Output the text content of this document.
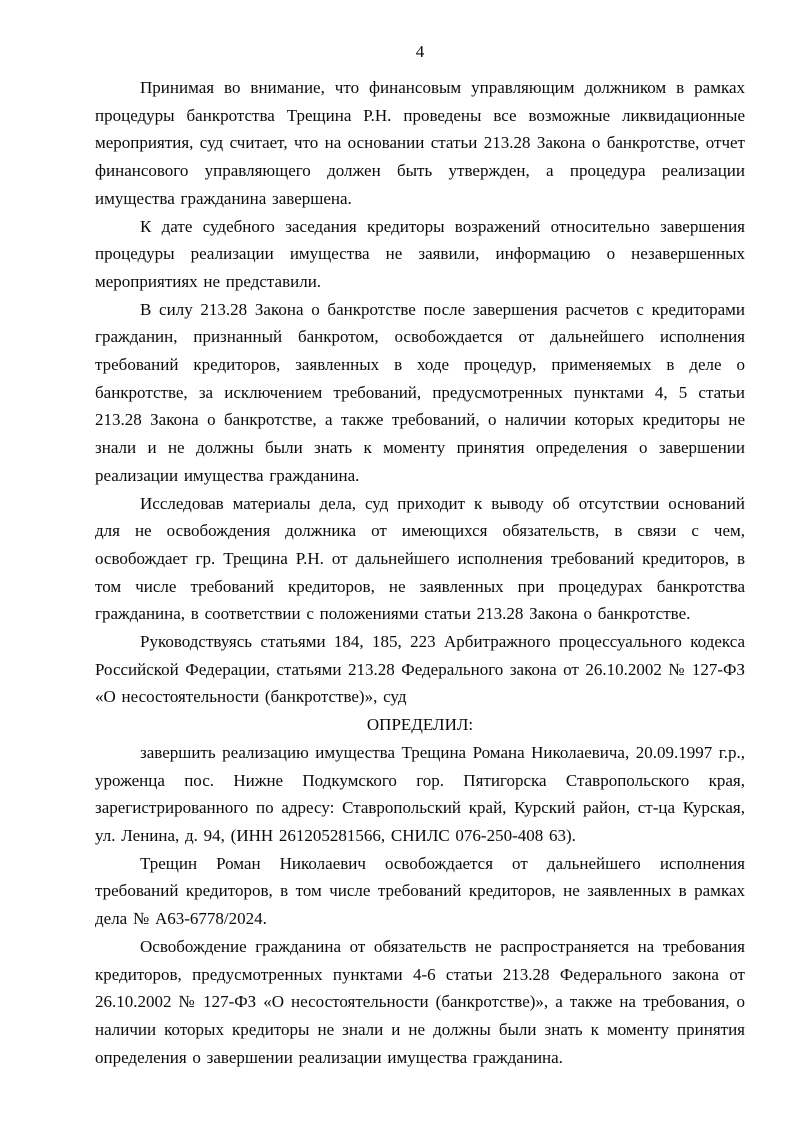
4

Принимая во внимание, что финансовым управляющим должником в рамках процедуры банкротства Трещина Р.Н. проведены все возможные ликвидационные мероприятия, суд считает, что на основании статьи 213.28 Закона о банкротстве, отчет финансового управляющего должен быть утвержден, а процедура реализации имущества гражданина завершена.

К дате судебного заседания кредиторы возражений относительно завершения процедуры реализации имущества не заявили, информацию о незавершенных мероприятиях не представили.

В силу 213.28 Закона о банкротстве после завершения расчетов с кредиторами гражданин, признанный банкротом, освобождается от дальнейшего исполнения требований кредиторов, заявленных в ходе процедур, применяемых в деле о банкротстве, за исключением требований, предусмотренных пунктами 4, 5 статьи 213.28 Закона о банкротстве, а также требований, о наличии которых кредиторы не знали и не должны были знать к моменту принятия определения о завершении реализации имущества гражданина.

Исследовав материалы дела, суд приходит к выводу об отсутствии оснований для не освобождения должника от имеющихся обязательств, в связи с чем, освобождает гр. Трещина Р.Н. от дальнейшего исполнения требований кредиторов, в том числе требований кредиторов, не заявленных при процедурах банкротства гражданина, в соответствии с положениями статьи 213.28 Закона о банкротстве.

Руководствуясь статьями 184, 185, 223 Арбитражного процессуального кодекса Российской Федерации, статьями 213.28 Федерального закона от 26.10.2002 № 127-ФЗ «О несостоятельности (банкротстве)», суд

ОПРЕДЕЛИЛ:

завершить реализацию имущества Трещина Романа Николаевича, 20.09.1997 г.р., уроженца пос. Нижне Подкумского гор. Пятигорска Ставропольского края, зарегистрированного по адресу: Ставропольский край, Курский район, ст-ца Курская, ул. Ленина, д. 94, (ИНН 261205281566, СНИЛС 076-250-408 63).

Трещин Роман Николаевич освобождается от дальнейшего исполнения требований кредиторов, в том числе требований кредиторов, не заявленных в рамках дела № А63-6778/2024.

Освобождение гражданина от обязательств не распространяется на требования кредиторов, предусмотренных пунктами 4-6 статьи 213.28 Федерального закона от 26.10.2002 № 127-ФЗ «О несостоятельности (банкротстве)», а также на требования, о наличии которых кредиторы не знали и не должны были знать к моменту принятия определения о завершении реализации имущества гражданина.
